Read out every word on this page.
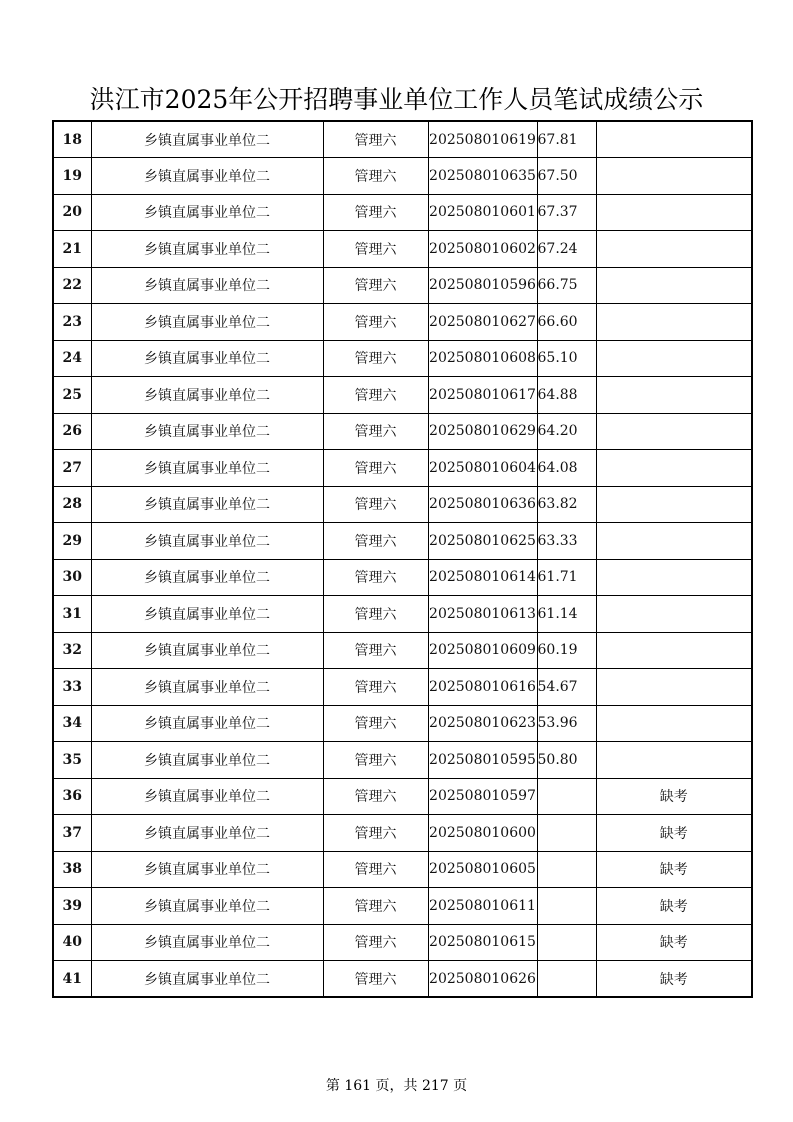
洪江市2025年公开招聘事业单位工作人员笔试成绩公示
18	乡镇直属事业单位二	管理六	202508010619	67.81	
19	乡镇直属事业单位二	管理六	202508010635	67.50	
20	乡镇直属事业单位二	管理六	202508010601	67.37	
21	乡镇直属事业单位二	管理六	202508010602	67.24	
22	乡镇直属事业单位二	管理六	202508010596	66.75	
23	乡镇直属事业单位二	管理六	202508010627	66.60	
24	乡镇直属事业单位二	管理六	202508010608	65.10	
25	乡镇直属事业单位二	管理六	202508010617	64.88	
26	乡镇直属事业单位二	管理六	202508010629	64.20	
27	乡镇直属事业单位二	管理六	202508010604	64.08	
28	乡镇直属事业单位二	管理六	202508010636	63.82	
29	乡镇直属事业单位二	管理六	202508010625	63.33	
30	乡镇直属事业单位二	管理六	202508010614	61.71	
31	乡镇直属事业单位二	管理六	202508010613	61.14	
32	乡镇直属事业单位二	管理六	202508010609	60.19	
33	乡镇直属事业单位二	管理六	202508010616	54.67	
34	乡镇直属事业单位二	管理六	202508010623	53.96	
35	乡镇直属事业单位二	管理六	202508010595	50.80	
36	乡镇直属事业单位二	管理六	202508010597		缺考
37	乡镇直属事业单位二	管理六	202508010600		缺考
38	乡镇直属事业单位二	管理六	202508010605		缺考
39	乡镇直属事业单位二	管理六	202508010611		缺考
40	乡镇直属事业单位二	管理六	202508010615		缺考
41	乡镇直属事业单位二	管理六	202508010626		缺考
第 161 页，共 217 页
